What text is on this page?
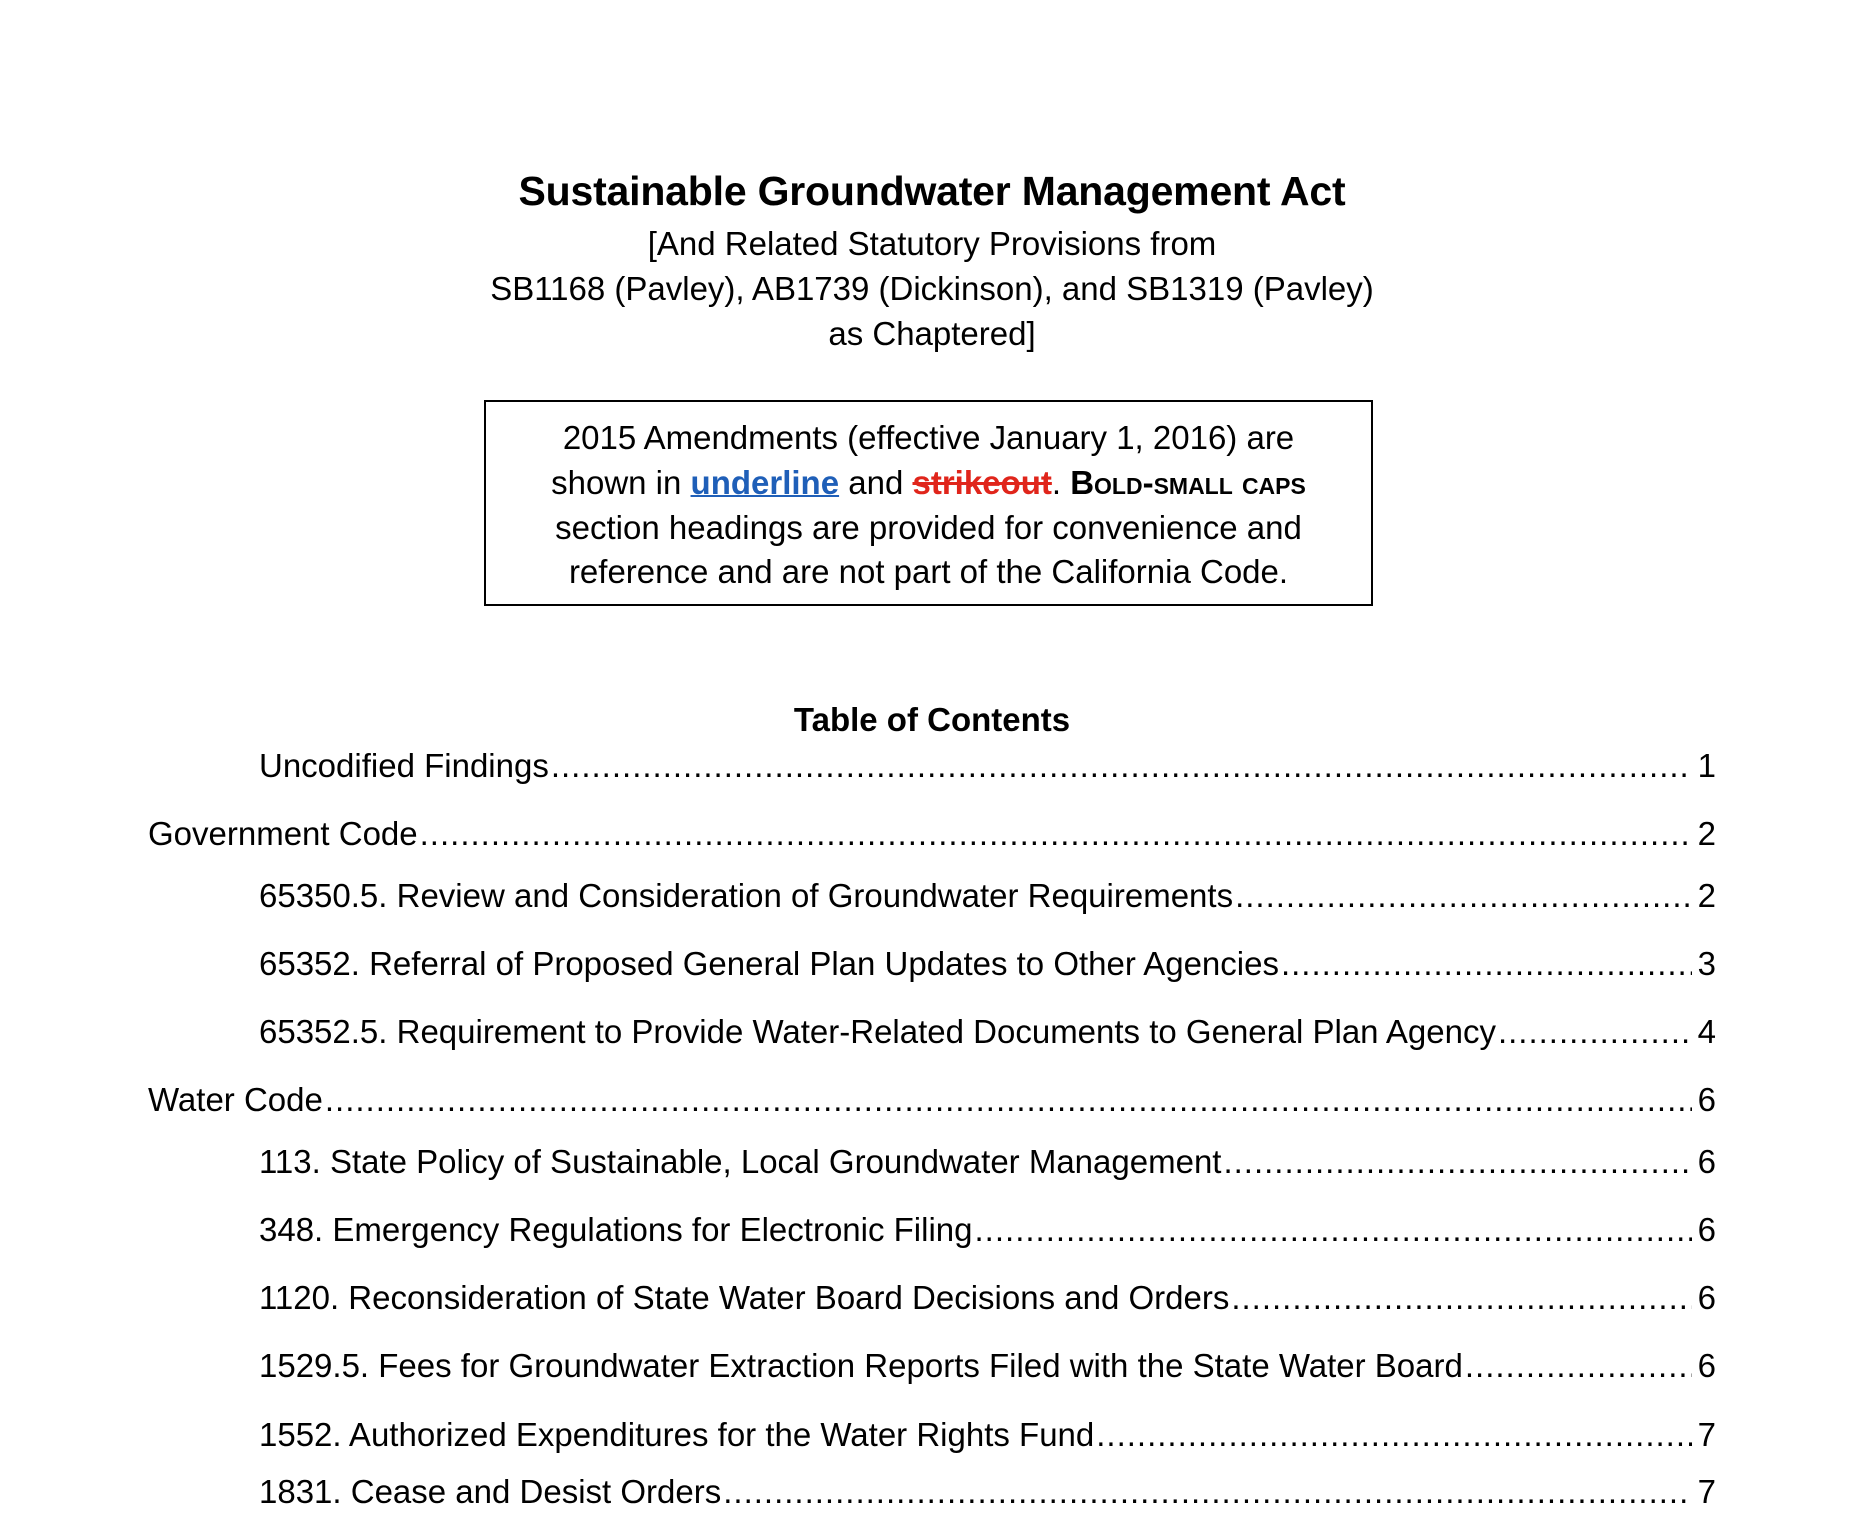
Sustainable Groundwater Management Act
[And Related Statutory Provisions from
SB1168 (Pavley), AB1739 (Dickinson), and SB1319 (Pavley)
as Chaptered]
2015 Amendments (effective January 1, 2016) are
shown in underline and strikeout. Bold-small caps
section headings are provided for convenience and
reference and are not part of the California Code.
Table of Contents
Uncodified Findings .....	1
Government Code .....	2
65350.5. Review and Consideration of Groundwater Requirements .....	2
65352. Referral of Proposed General Plan Updates to Other Agencies .....	3
65352.5. Requirement to Provide Water-Related Documents to General Plan Agency .....	4
Water Code .....	6
113. State Policy of Sustainable, Local Groundwater Management .....	6
348. Emergency Regulations for Electronic Filing .....	6
1120. Reconsideration of State Water Board Decisions and Orders .....	6
1529.5. Fees for Groundwater Extraction Reports Filed with the State Water Board .....	6
1552. Authorized Expenditures for the Water Rights Fund .....	7
1831. Cease and Desist Orders .....	7
